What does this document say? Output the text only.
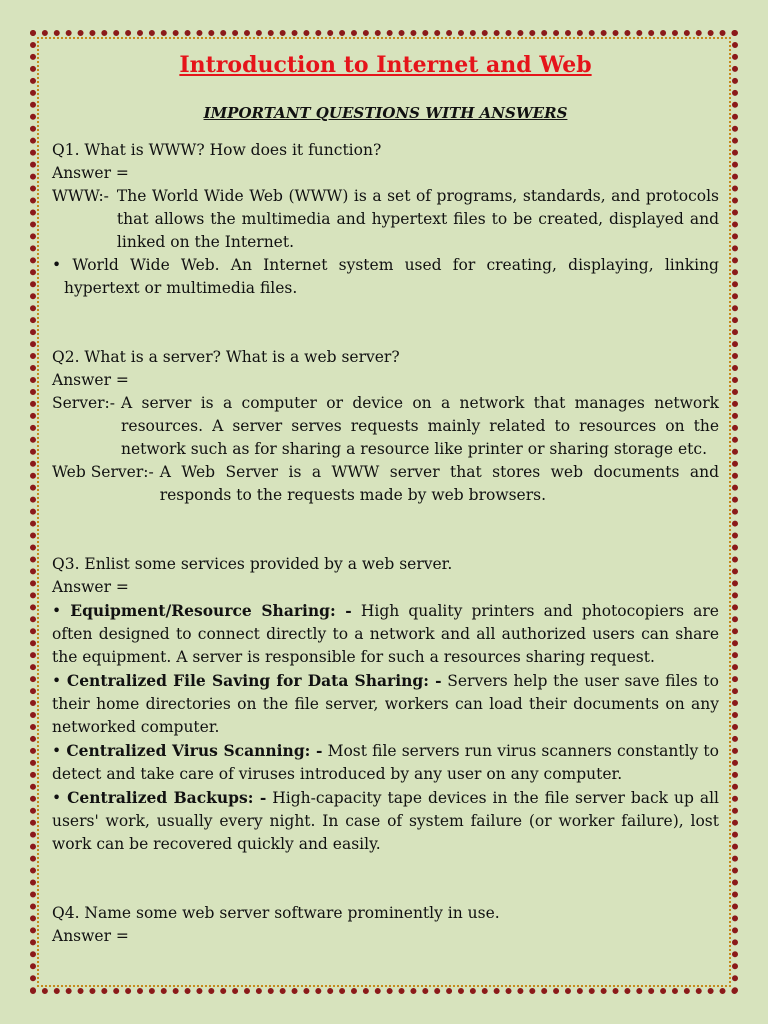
Introduction to Internet and Web
IMPORTANT QUESTIONS WITH ANSWERS

Q1. What is WWW? How does it function?

Answer =

WWW:- The World Wide Web (WWW) is a set of programs, standards, and protocols that allows the multimedia and hypertext files to be created, displayed and linked on the Internet.
• World Wide Web. An Internet system used for creating, displaying, linking hypertext or multimedia files.

Q2. What is a server? What is a web server?

Answer =

Server:- A server is a computer or device on a network that manages network resources. A server serves requests mainly related to resources on the network such as for sharing a resource like printer or sharing storage etc.
Web Server:- A Web Server is a WWW server that stores web documents and responds to the requests made by web browsers.

Q3. Enlist some services provided by a web server.

Answer =

• Equipment/Resource Sharing: - High quality printers and photocopiers are often designed to connect directly to a network and all authorized users can share the equipment. A server is responsible for such a resources sharing request.
• Centralized File Saving for Data Sharing: - Servers help the user save files to their home directories on the file server, workers can load their documents on any networked computer.
• Centralized Virus Scanning: - Most file servers run virus scanners constantly to detect and take care of viruses introduced by any user on any computer.
• Centralized Backups: - High-capacity tape devices in the file server back up all users' work, usually every night. In case of system failure (or worker failure), lost work can be recovered quickly and easily.

Q4. Name some web server software prominently in use.

Answer =
